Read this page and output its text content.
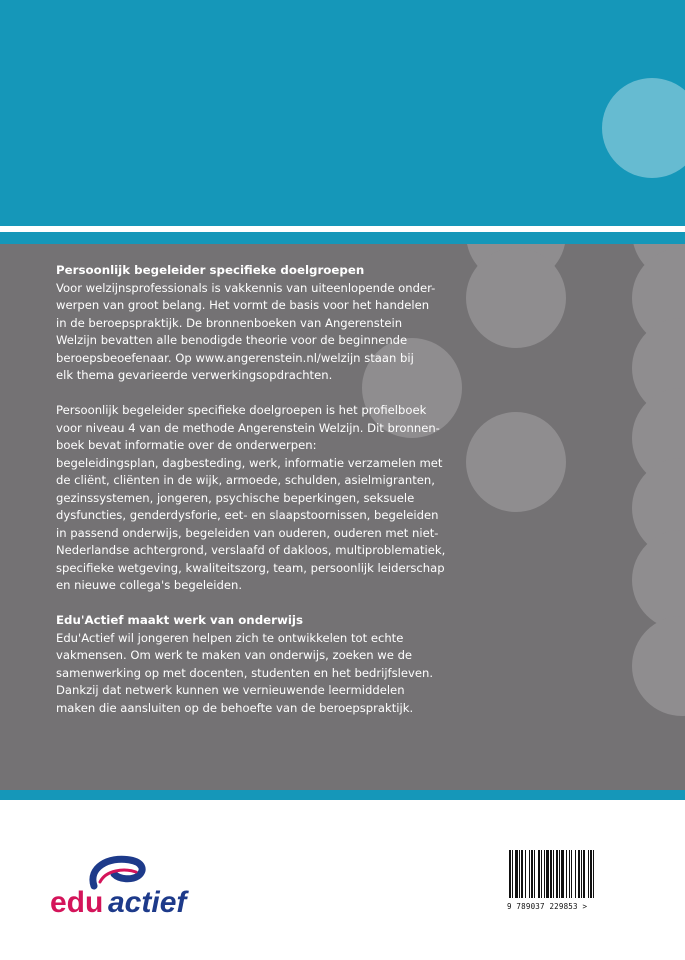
Persoonlijk begeleider specifieke doelgroepen

Voor welzijnsprofessionals is vakkennis van uiteenlopende onder-

werpen van groot belang. Het vormt de basis voor het handelen

in de beroepspraktijk. De bronnenboeken van Angerenstein

Welzijn bevatten alle benodigde theorie voor de beginnende

beroepsbeoefenaar. Op www.angerenstein.nl/welzijn staan bij

elk thema gevarieerde verwerkingsopdrachten.

Persoonlijk begeleider specifieke doelgroepen is het profielboek

voor niveau 4 van de methode Angerenstein Welzijn. Dit bronnen-

boek bevat informatie over de onderwerpen:

begeleidingsplan, dagbesteding, werk, informatie verzamelen met

de cliënt, cliënten in de wijk, armoede, schulden, asielmigranten,

gezinssystemen, jongeren, psychische beperkingen, seksuele

dysfuncties, genderdysforie, eet- en slaapstoornissen, begeleiden

in passend onderwijs, begeleiden van ouderen, ouderen met niet-

Nederlandse achtergrond, verslaafd of dakloos, multiproblematiek,

specifieke wetgeving, kwaliteitszorg, team, persoonlijk leiderschap

en nieuwe collega's begeleiden.

Edu'Actief maakt werk van onderwijs

Edu'Actief wil jongeren helpen zich te ontwikkelen tot echte

vakmensen. Om werk te maken van onderwijs, zoeken we de

samenwerking op met docenten, studenten en het bedrijfsleven.

Dankzij dat netwerk kunnen we vernieuwende leermiddelen

maken die aansluiten op de behoefte van de beroepspraktijk.

edu actief	9 789037 229853 >
